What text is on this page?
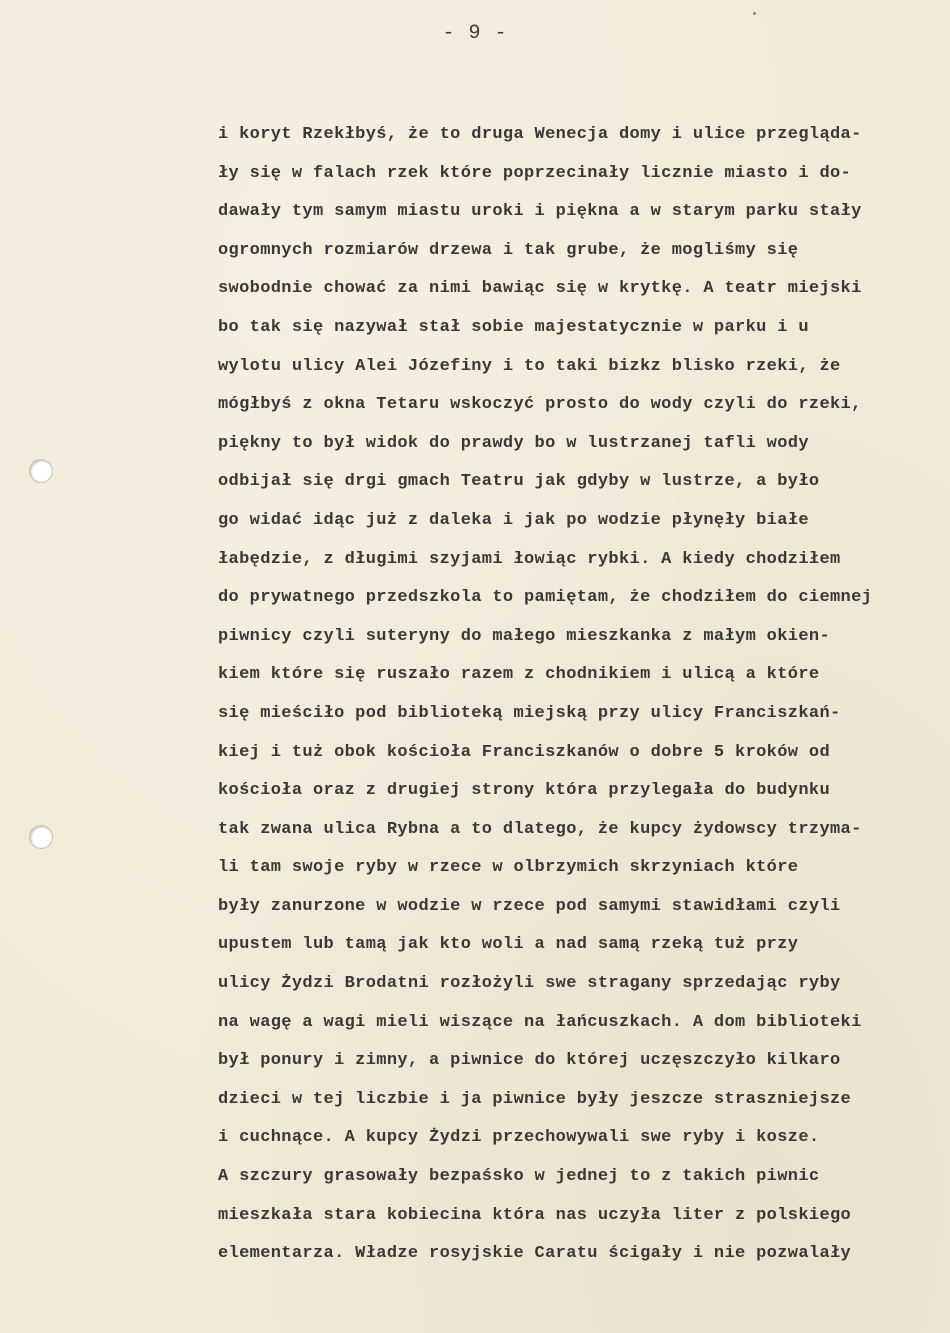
- 9 -
i koryt Rzekłbyś, że to druga Wenecja domy i ulice przegląda-
ły się w falach rzek które poprzecinały licznie miasto i do-
dawały tym samym miastu uroki i piękna a w starym parku stały
ogromnych rozmiarów drzewa i tak grube, że mogliśmy się
swobodnie chować za nimi bawiąc się w krytkę. A teatr miejski
bo tak się nazywał stał sobie majestatycznie w parku i u
wylotu ulicy Alei Józefiny i to taki bizkz blisko rzeki, że
mógłbyś z okna Tetaru wskoczyć prosto do wody czyli do rzeki,
piękny to był widok do prawdy bo w lustrzanej tafli wody
odbijał się drgi gmach Teatru jak gdyby w lustrze, a było
go widać idąc już z daleka i jak po wodzie płynęły białe
łabędzie, z długimi szyjami łowiąc rybki. A kiedy chodziłem
do prywatnego przedszkola to pamiętam, że chodziłem do ciemnej
piwnicy czyli suteryny do małego mieszkanka z małym okien-
kiem które się ruszało razem z chodnikiem i ulicą a które
się mieściło pod biblioteką miejską przy ulicy Franciszkań-
kiej i tuż obok kościoła Franciszkanów o dobre 5 kroków od
kościoła oraz z drugiej strony która przylegała do budynku
tak zwana ulica Rybna a to dlatego, że kupcy żydowscy trzyma-
li tam swoje ryby w rzece w olbrzymich skrzyniach które
były zanurzone w wodzie w rzece pod samymi stawidłami czyli
upustem lub tamą jak kto woli a nad samą rzeką tuż przy
ulicy Żydzi Brodatni rozłożyli swe stragany sprzedając ryby
na wagę a wagi mieli wiszące na łańcuszkach. A dom biblioteki
był ponury i zimny, a piwnice do której uczęszczyło kilkaro
dzieci w tej liczbie i ja piwnice były jeszcze straszniejsze
i cuchnące. A kupcy Żydzi przechowywali swe ryby i kosze.
A szczury grasowały bezpaśsko w jednej to z takich piwnic
mieszkała stara kobiecina która nas uczyła liter z polskiego
elementarza. Władze rosyjskie Caratu ścigały i nie pozwalały
